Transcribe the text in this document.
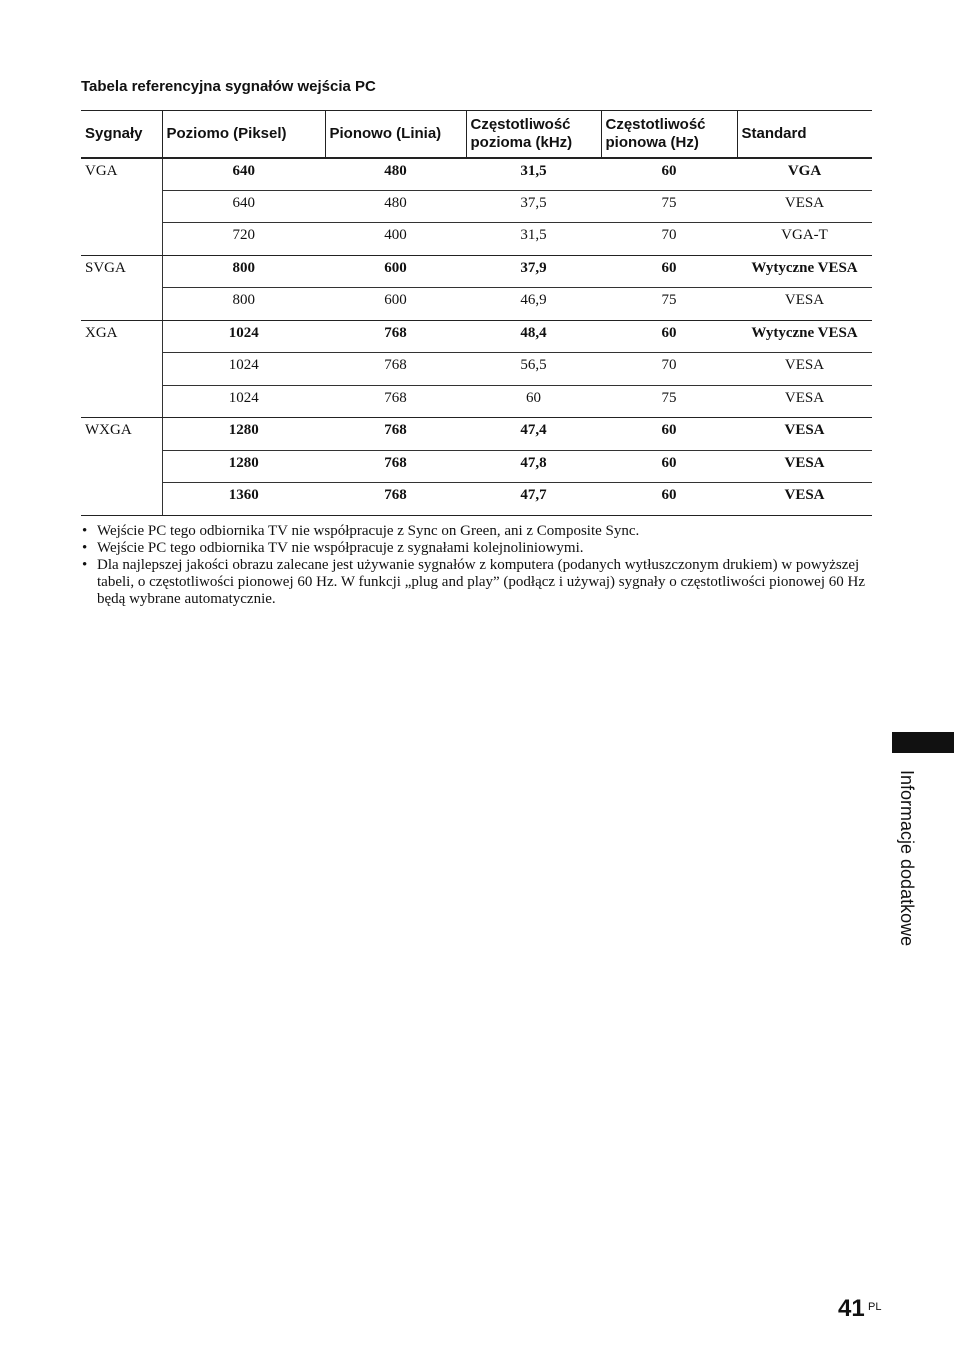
Tabela referencyjna sygnałów wejścia PC
Sygnały	Poziomo (Piksel)	Pionowo (Linia)	Częstotliwość pozioma (kHz)	Częstotliwość pionowa (Hz)	Standard
VGA	640	480	31,5	60	VGA
	640	480	37,5	75	VESA
	720	400	31,5	70	VGA-T
SVGA	800	600	37,9	60	Wytyczne VESA
	800	600	46,9	75	VESA
XGA	1024	768	48,4	60	Wytyczne VESA
	1024	768	56,5	70	VESA
	1024	768	60	75	VESA
WXGA	1280	768	47,4	60	VESA
	1280	768	47,8	60	VESA
	1360	768	47,7	60	VESA
• Wejście PC tego odbiornika TV nie współpracuje z Sync on Green, ani z Composite Sync.
• Wejście PC tego odbiornika TV nie współpracuje z sygnałami kolejnoliniowymi.
• Dla najlepszej jakości obrazu zalecane jest używanie sygnałów z komputera (podanych wytłuszczonym drukiem) w powyższej tabeli, o częstotliwości pionowej 60 Hz. W funkcji „plug and play” (podłącz i używaj) sygnały o częstotliwości pionowej 60 Hz będą wybrane automatycznie.
Informacje dodatkowe
41 PL
